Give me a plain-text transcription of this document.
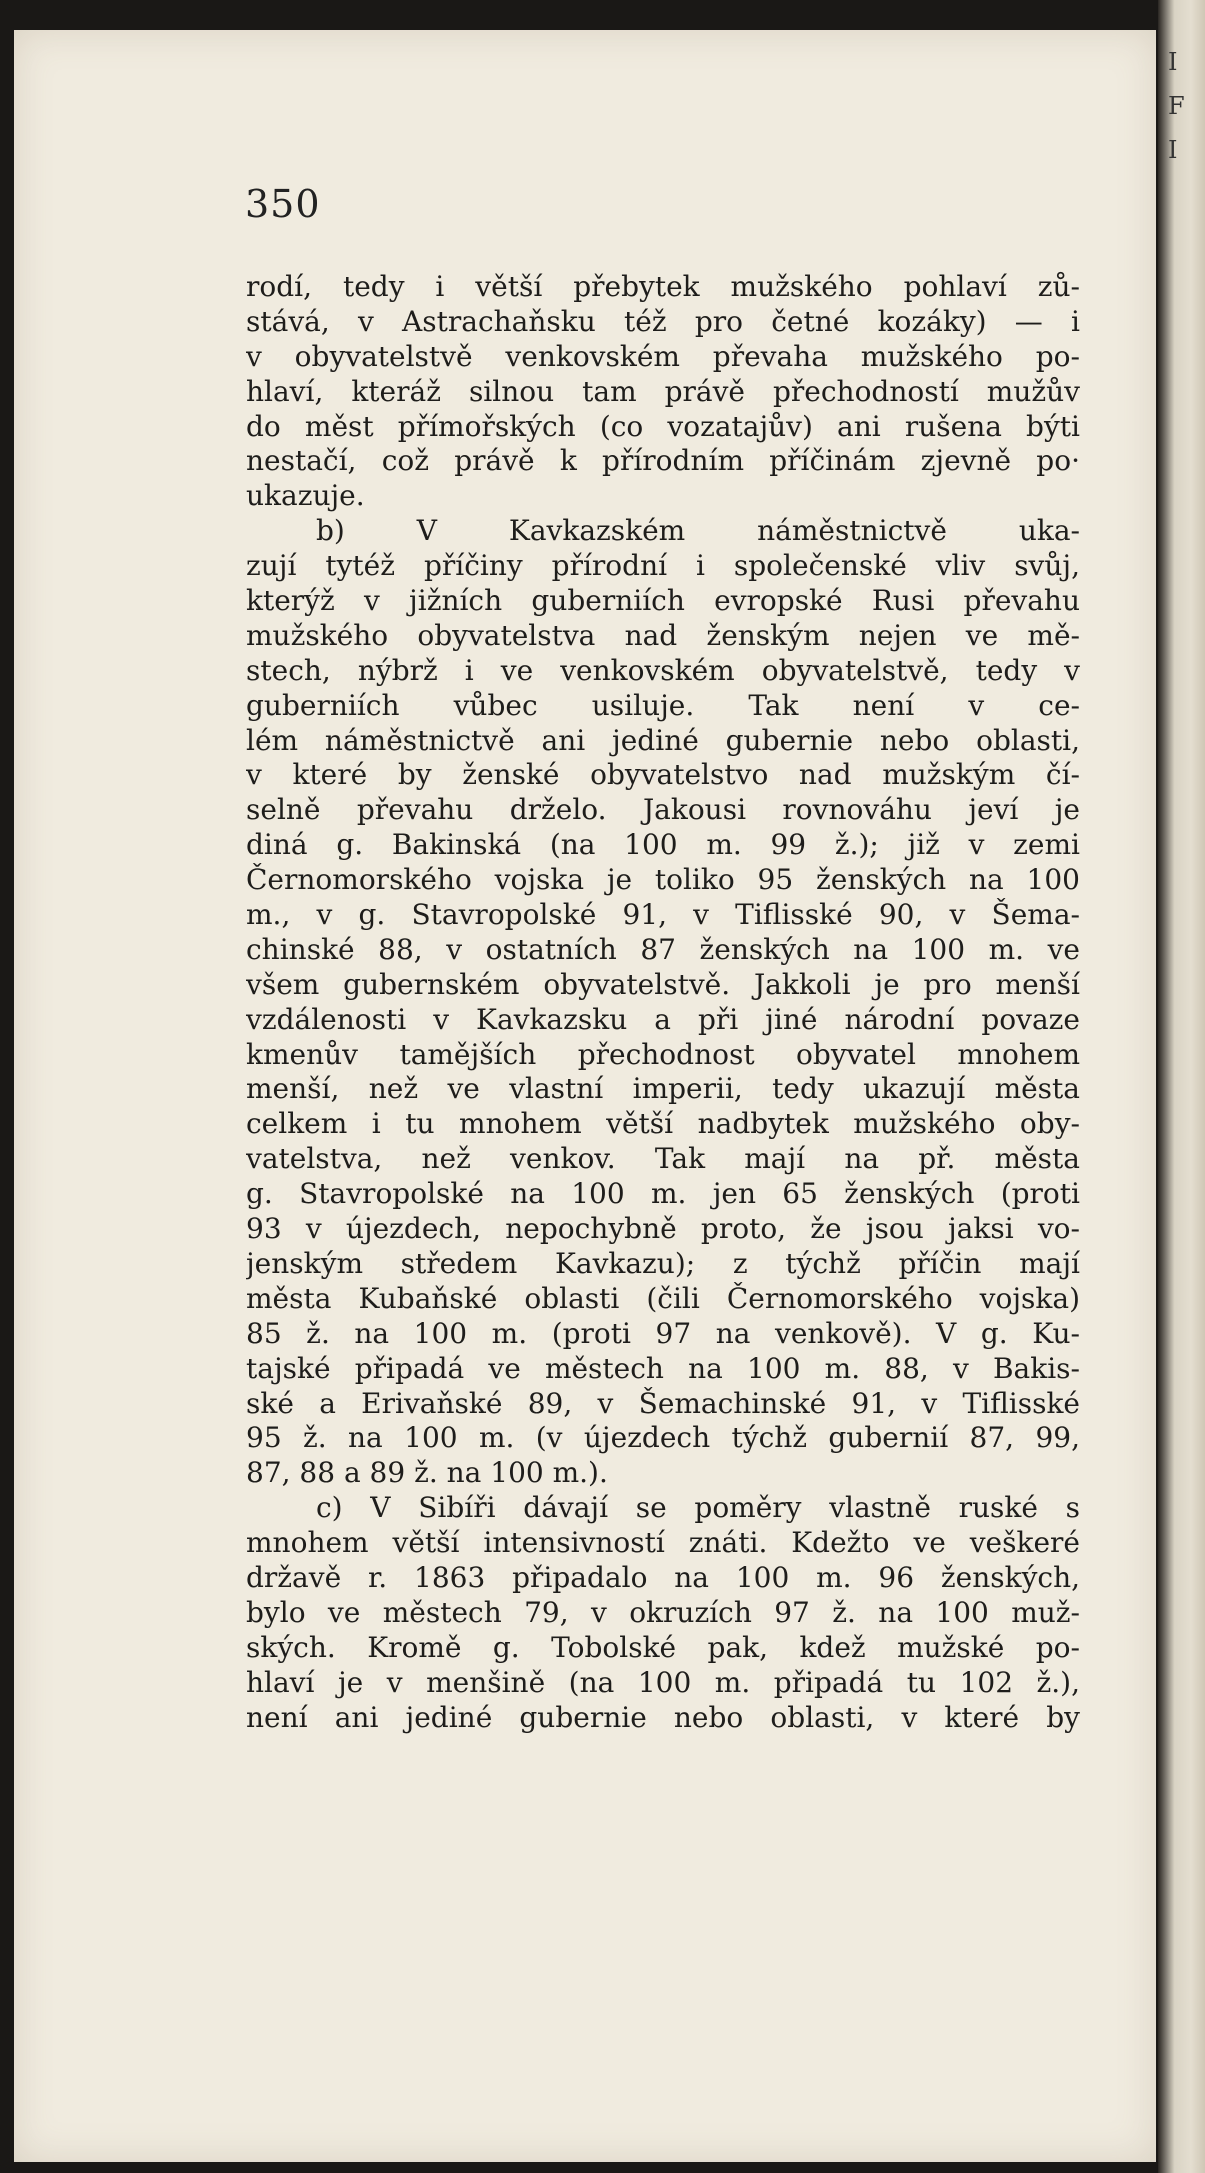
I
F
I
350
rodí, tedy i větší přebytek mužského pohlaví zů-
stává, v Astrachaňsku též pro četné kozáky) — i
v obyvatelstvě venkovském převaha mužského po-
hlaví, kteráž silnou tam právě přechodností mužův
do měst přímořských (co vozatajův) ani rušena býti
nestačí, což právě k přírodním příčinám zjevně po·
ukazuje.
b) V Kavkazském náměstnictvě uka-
zují tytéž příčiny přírodní i společenské vliv svůj,
kterýž v jižních guberniích evropské Rusi převahu
mužského obyvatelstva nad ženským nejen ve mě-
stech, nýbrž i ve venkovském obyvatelstvě, tedy v
guberniích vůbec usiluje. Tak není v ce-
lém náměstnictvě ani jediné gubernie nebo oblasti,
v které by ženské obyvatelstvo nad mužským čí-
selně převahu drželo. Jakousi rovnováhu jeví je
diná g. Bakinská (na 100 m. 99 ž.); již v zemi
Černomorského vojska je toliko 95 ženských na 100
m., v g. Stavropolské 91, v Tiflisské 90, v Šema-
chinské 88, v ostatních 87 ženských na 100 m. ve
všem gubernském obyvatelstvě. Jakkoli je pro menší
vzdálenosti v Kavkazsku a při jiné národní povaze
kmenův tamějších přechodnost obyvatel mnohem
menší, než ve vlastní imperii, tedy ukazují města
celkem i tu mnohem větší nadbytek mužského oby-
vatelstva, než venkov. Tak mají na př. města
g. Stavropolské na 100 m. jen 65 ženských (proti
93 v újezdech, nepochybně proto, že jsou jaksi vo-
jenským středem Kavkazu); z týchž příčin mají
města Kubaňské oblasti (čili Černomorského vojska)
85 ž. na 100 m. (proti 97 na venkově). V g. Ku-
tajské připadá ve městech na 100 m. 88, v Bakis-
ské a Erivaňské 89, v Šemachinské 91, v Tiflisské
95 ž. na 100 m. (v újezdech týchž gubernií 87, 99,
87, 88 a 89 ž. na 100 m.).
c) V Sibíři dávají se poměry vlastně ruské s
mnohem větší intensivností znáti. Kdežto ve veškeré
državě r. 1863 připadalo na 100 m. 96 ženských,
bylo ve městech 79, v okruzích 97 ž. na 100 muž-
ských. Kromě g. Tobolské pak, kdež mužské po-
hlaví je v menšině (na 100 m. připadá tu 102 ž.),
není ani jediné gubernie nebo oblasti, v které by
